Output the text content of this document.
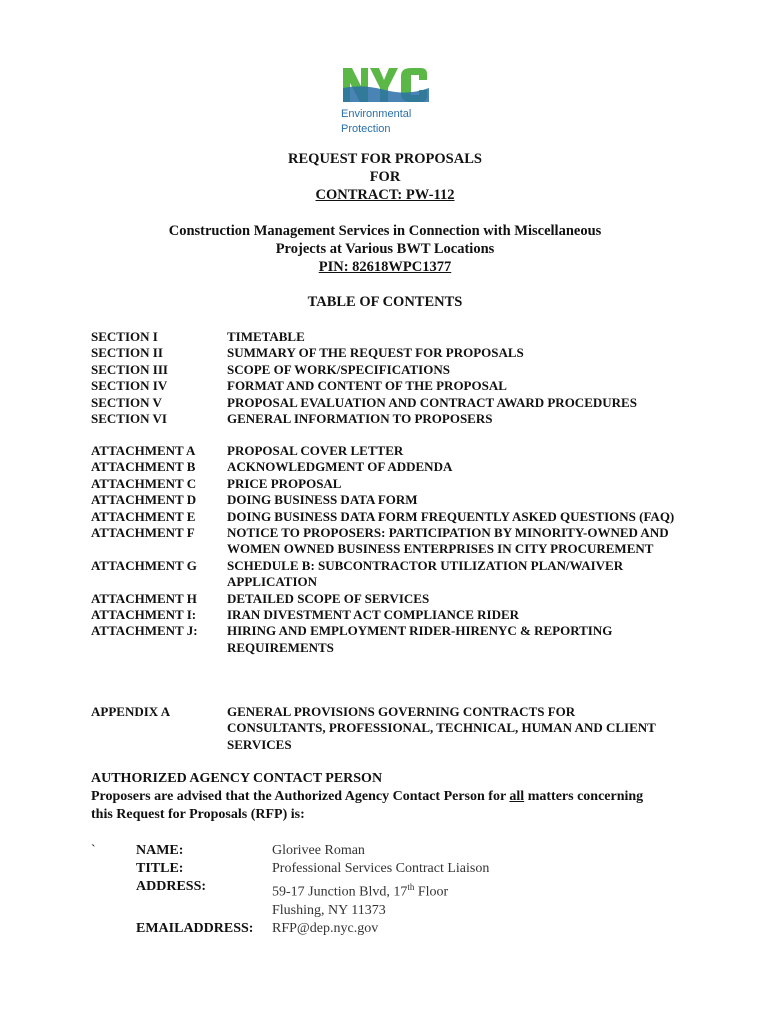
Environmental
Protection
REQUEST FOR PROPOSALS
FOR
CONTRACT: PW-112
Construction Management Services in Connection with Miscellaneous
Projects at Various BWT Locations
PIN: 82618WPC1377
TABLE OF CONTENTS
SECTION I	TIMETABLE
SECTION II	SUMMARY OF THE REQUEST FOR PROPOSALS
SECTION III	SCOPE OF WORK/SPECIFICATIONS
SECTION IV	FORMAT AND CONTENT OF THE PROPOSAL
SECTION V	PROPOSAL EVALUATION AND CONTRACT AWARD PROCEDURES
SECTION VI	GENERAL INFORMATION TO PROPOSERS
ATTACHMENT A	PROPOSAL COVER LETTER
ATTACHMENT B	ACKNOWLEDGMENT OF ADDENDA
ATTACHMENT C	PRICE PROPOSAL
ATTACHMENT D	DOING BUSINESS DATA FORM
ATTACHMENT E	DOING BUSINESS DATA FORM FREQUENTLY ASKED QUESTIONS (FAQ)
ATTACHMENT F	NOTICE TO PROPOSERS: PARTICIPATION BY MINORITY-OWNED AND WOMEN OWNED BUSINESS ENTERPRISES IN CITY PROCUREMENT
ATTACHMENT G	SCHEDULE B: SUBCONTRACTOR UTILIZATION PLAN/WAIVER APPLICATION
ATTACHMENT H	DETAILED SCOPE OF SERVICES
ATTACHMENT I:	IRAN DIVESTMENT ACT COMPLIANCE RIDER
ATTACHMENT J:	HIRING AND EMPLOYMENT RIDER-HIRENYC & REPORTING REQUIREMENTS
APPENDIX A	GENERAL PROVISIONS GOVERNING CONTRACTS FOR CONSULTANTS, PROFESSIONAL, TECHNICAL, HUMAN AND CLIENT SERVICES
AUTHORIZED AGENCY CONTACT PERSON
Proposers are advised that the Authorized Agency Contact Person for all matters concerning this Request for Proposals (RFP) is:
`	NAME:	Glorivee Roman
TITLE:	Professional Services Contract Liaison
ADDRESS:	59-17 Junction Blvd, 17th Floor
Flushing, NY 11373
EMAILADDRESS:	RFP@dep.nyc.gov
